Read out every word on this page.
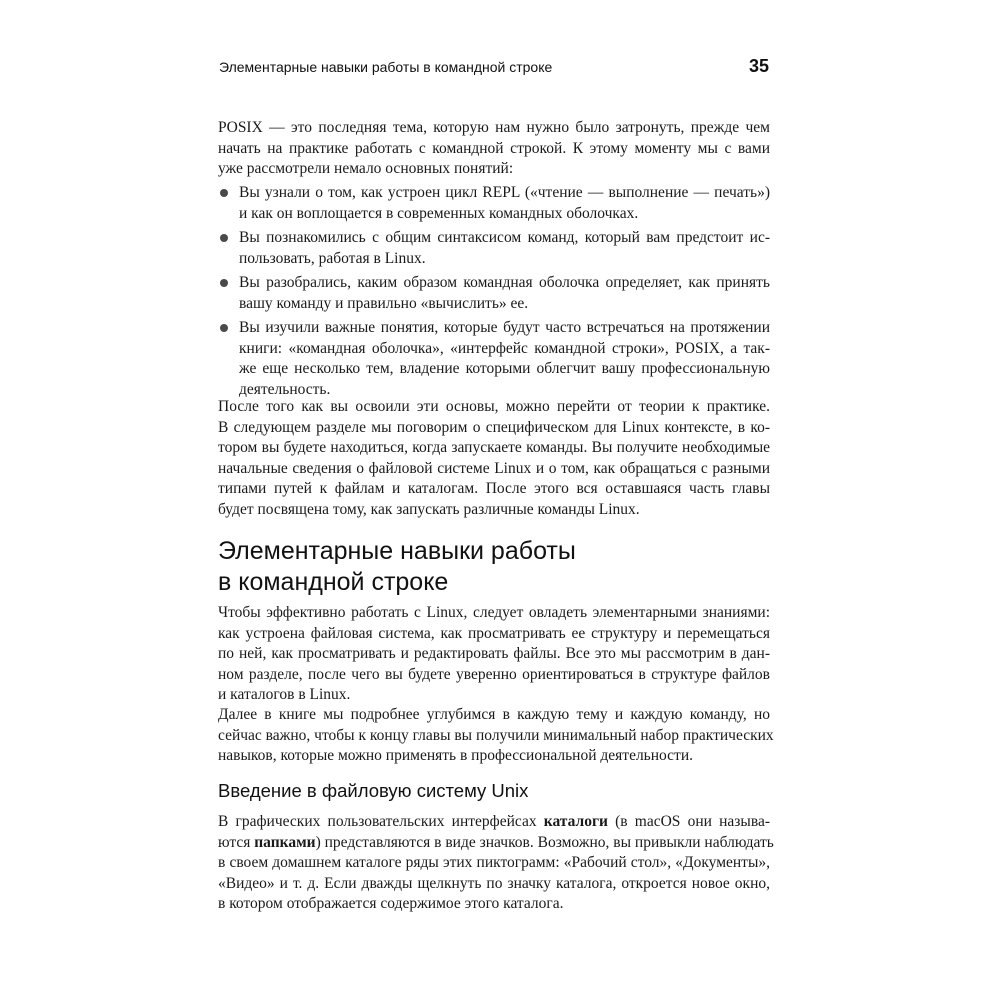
Элементарные навыки работы в командной строке	35

POSIX — это последняя тема, которую нам нужно было затронуть, прежде чем
начать на практике работать с командной строкой. К этому моменту мы с вами
уже рассмотрели немало основных понятий:

Вы узнали о том, как устроен цикл REPL («чтение — выполнение — печать»)
и как он воплощается в современных командных оболочках.
Вы познакомились с общим синтаксисом команд, который вам предстоит ис-
пользовать, работая в Linux.
Вы разобрались, каким образом командная оболочка определяет, как принять
вашу команду и правильно «вычислить» ее.
Вы изучили важные понятия, которые будут часто встречаться на протяжении
книги: «командная оболочка», «интерфейс командной строки», POSIX, а так-
же еще несколько тем, владение которыми облегчит вашу профессиональную
деятельность.

После того как вы освоили эти основы, можно перейти от теории к практике.
В следующем разделе мы поговорим о специфическом для Linux контексте, в ко-
тором вы будете находиться, когда запускаете команды. Вы получите необходимые
начальные сведения о файловой системе Linux и о том, как обращаться с разными
типами путей к файлам и каталогам. После этого вся оставшаяся часть главы
будет посвящена тому, как запускать различные команды Linux.

Элементарные навыки работы
в командной строке

Чтобы эффективно работать с Linux, следует овладеть элементарными знаниями:
как устроена файловая система, как просматривать ее структуру и перемещаться
по ней, как просматривать и редактировать файлы. Все это мы рассмотрим в дан-
ном разделе, после чего вы будете уверенно ориентироваться в структуре файлов
и каталогов в Linux.

Далее в книге мы подробнее углубимся в каждую тему и каждую команду, но
сейчас важно, чтобы к концу главы вы получили минимальный набор практических
навыков, которые можно применять в профессиональной деятельности.

Введение в файловую систему Unix

В графических пользовательских интерфейсах каталоги (в macOS они называ-
ются папками) представляются в виде значков. Возможно, вы привыкли наблюдать
в своем домашнем каталоге ряды этих пиктограмм: «Рабочий стол», «Документы»,
«Видео» и т. д. Если дважды щелкнуть по значку каталога, откроется новое окно,
в котором отображается содержимое этого каталога.
